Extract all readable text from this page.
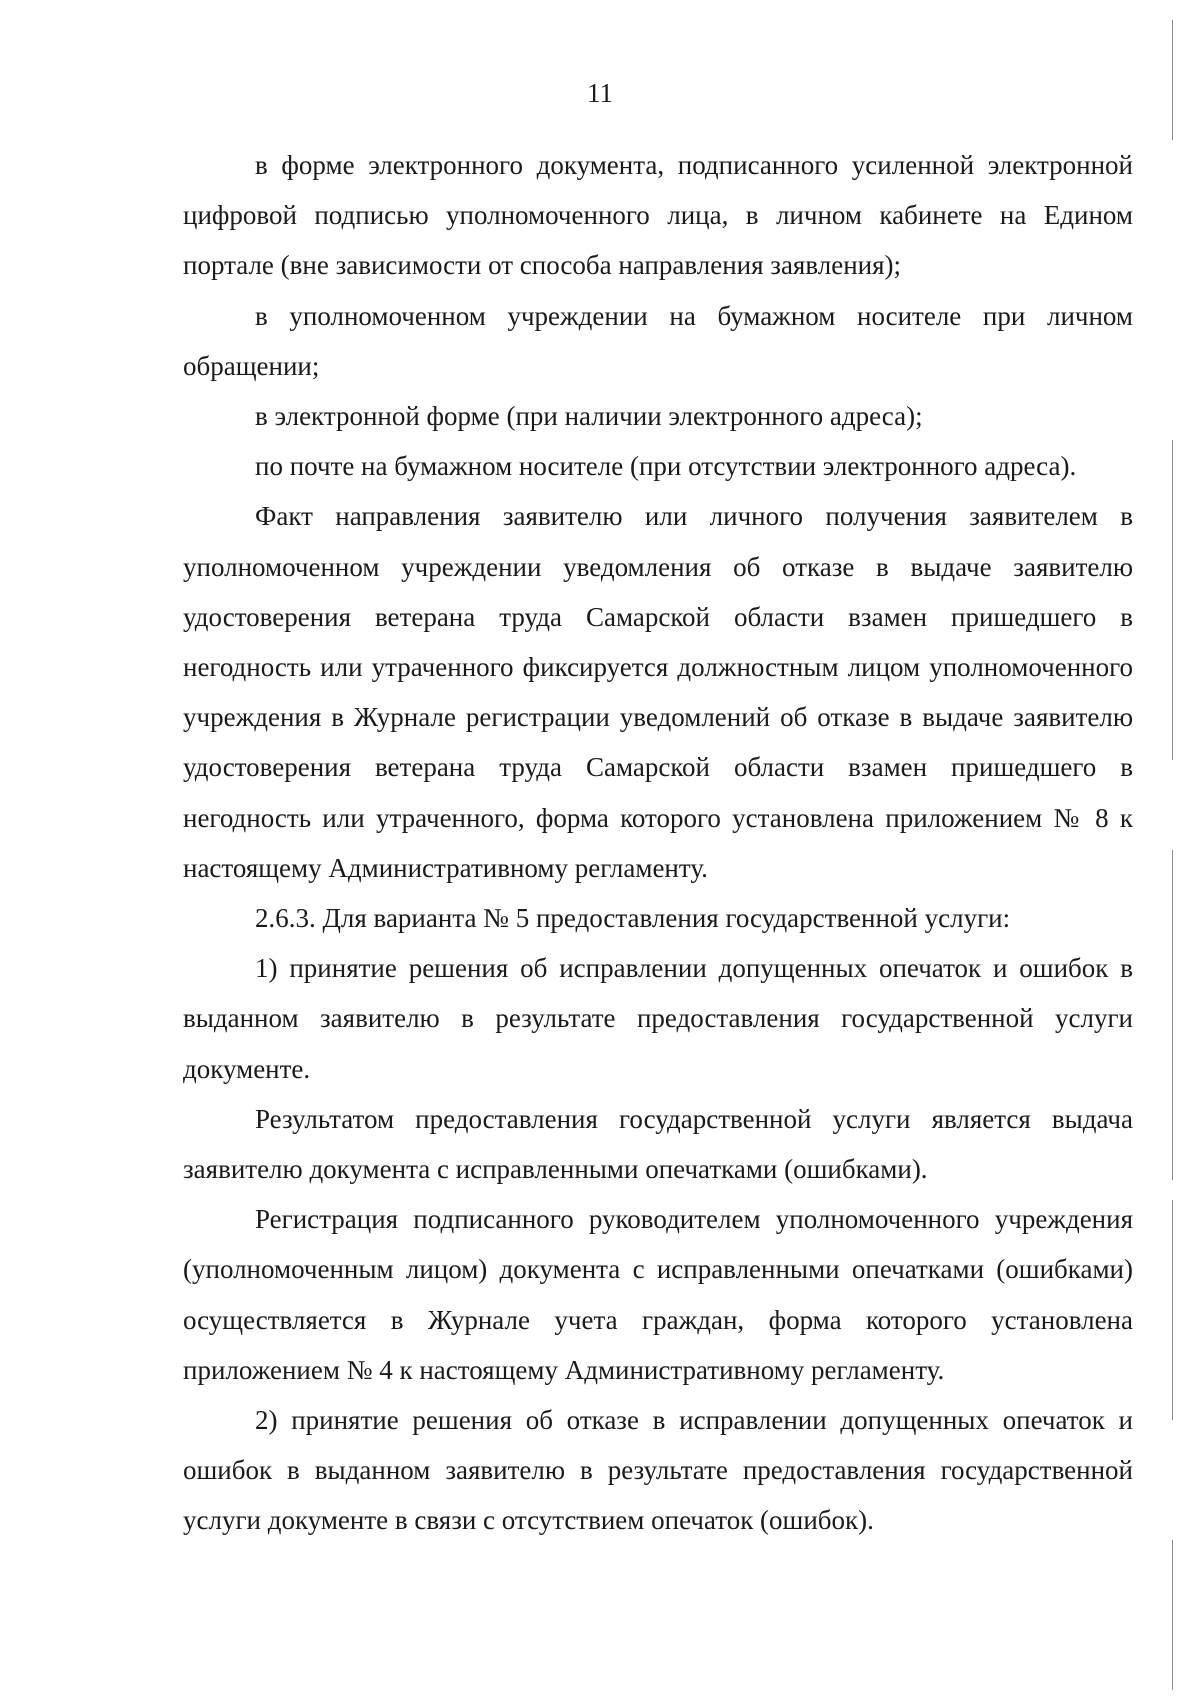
11

в форме электронного документа, подписанного усиленной электронной цифровой подписью уполномоченного лица, в личном кабинете на Едином портале (вне зависимости от способа направления заявления);

в уполномоченном учреждении на бумажном носителе при личном обращении;

в электронной форме (при наличии электронного адреса);

по почте на бумажном носителе (при отсутствии электронного адреса).

Факт направления заявителю или личного получения заявителем в уполномоченном учреждении уведомления об отказе в выдаче заявителю удостоверения ветерана труда Самарской области взамен пришедшего в негодность или утраченного фиксируется должностным лицом уполномоченного учреждения в Журнале регистрации уведомлений об отказе в выдаче заявителю удостоверения ветерана труда Самарской области взамен пришедшего в негодность или утраченного, форма которого установлена приложением № 8 к настоящему Административному регламенту.

2.6.3. Для варианта № 5 предоставления государственной услуги:

1) принятие решения об исправлении допущенных опечаток и ошибок в выданном заявителю в результате предоставления государственной услуги документе.

Результатом предоставления государственной услуги является выдача заявителю документа с исправленными опечатками (ошибками).

Регистрация подписанного руководителем уполномоченного учреждения (уполномоченным лицом) документа с исправленными опечатками (ошибками) осуществляется в Журнале учета граждан, форма которого установлена приложением № 4 к настоящему Административному регламенту.

2) принятие решения об отказе в исправлении допущенных опечаток и ошибок в выданном заявителю в результате предоставления государственной услуги документе в связи с отсутствием опечаток (ошибок).
